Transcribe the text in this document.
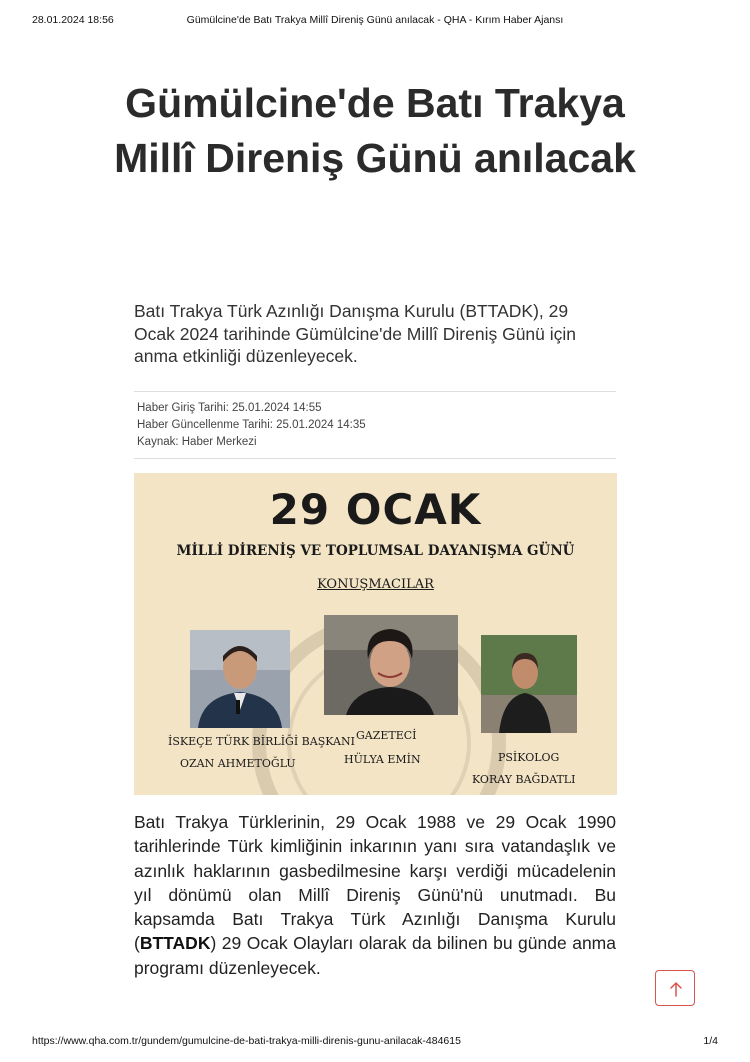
28.01.2024 18:56	Gümülcine'de Batı Trakya Millî Direniş Günü anılacak - QHA - Kırım Haber Ajansı
Gümülcine'de Batı Trakya Millî Direniş Günü anılacak

Batı Trakya Türk Azınlığı Danışma Kurulu (BTTADK), 29 Ocak 2024 tarihinde Gümülcine'de Millî Direniş Günü için anma etkinliği düzenleyecek.

Haber Giriş Tarihi: 25.01.2024 14:55
Haber Güncellenme Tarihi: 25.01.2024 14:35
Kaynak: Haber Merkezi
29 OCAK
MİLLİ DİRENİŞ VE TOPLUMSAL DAYANIŞMA GÜNÜ
KONUŞMACILAR
İSKEÇE TÜRK BİRLİĞİ BAŞKANI
OZAN AHMETOĞLU
GAZETECİ
HÜLYA EMİN	PSİKOLOG
KORAY BAĞDATLI

Batı Trakya Türklerinin, 29 Ocak 1988 ve 29 Ocak 1990 tarihlerinde Türk kimliğinin inkarının yanı sıra vatandaşlık ve azınlık haklarının gasbedilmesine karşı verdiği mücadelenin yıl dönümü olan Millî Direniş Günü'nü unutmadı. Bu kapsamda Batı Trakya Türk Azınlığı Danışma Kurulu (BTTADK) 29 Ocak Olayları olarak da bilinen bu günde anma programı düzenleyecek.

https://www.qha.com.tr/gundem/gumulcine-de-bati-trakya-milli-direnis-gunu-anilacak-484615	1/4
